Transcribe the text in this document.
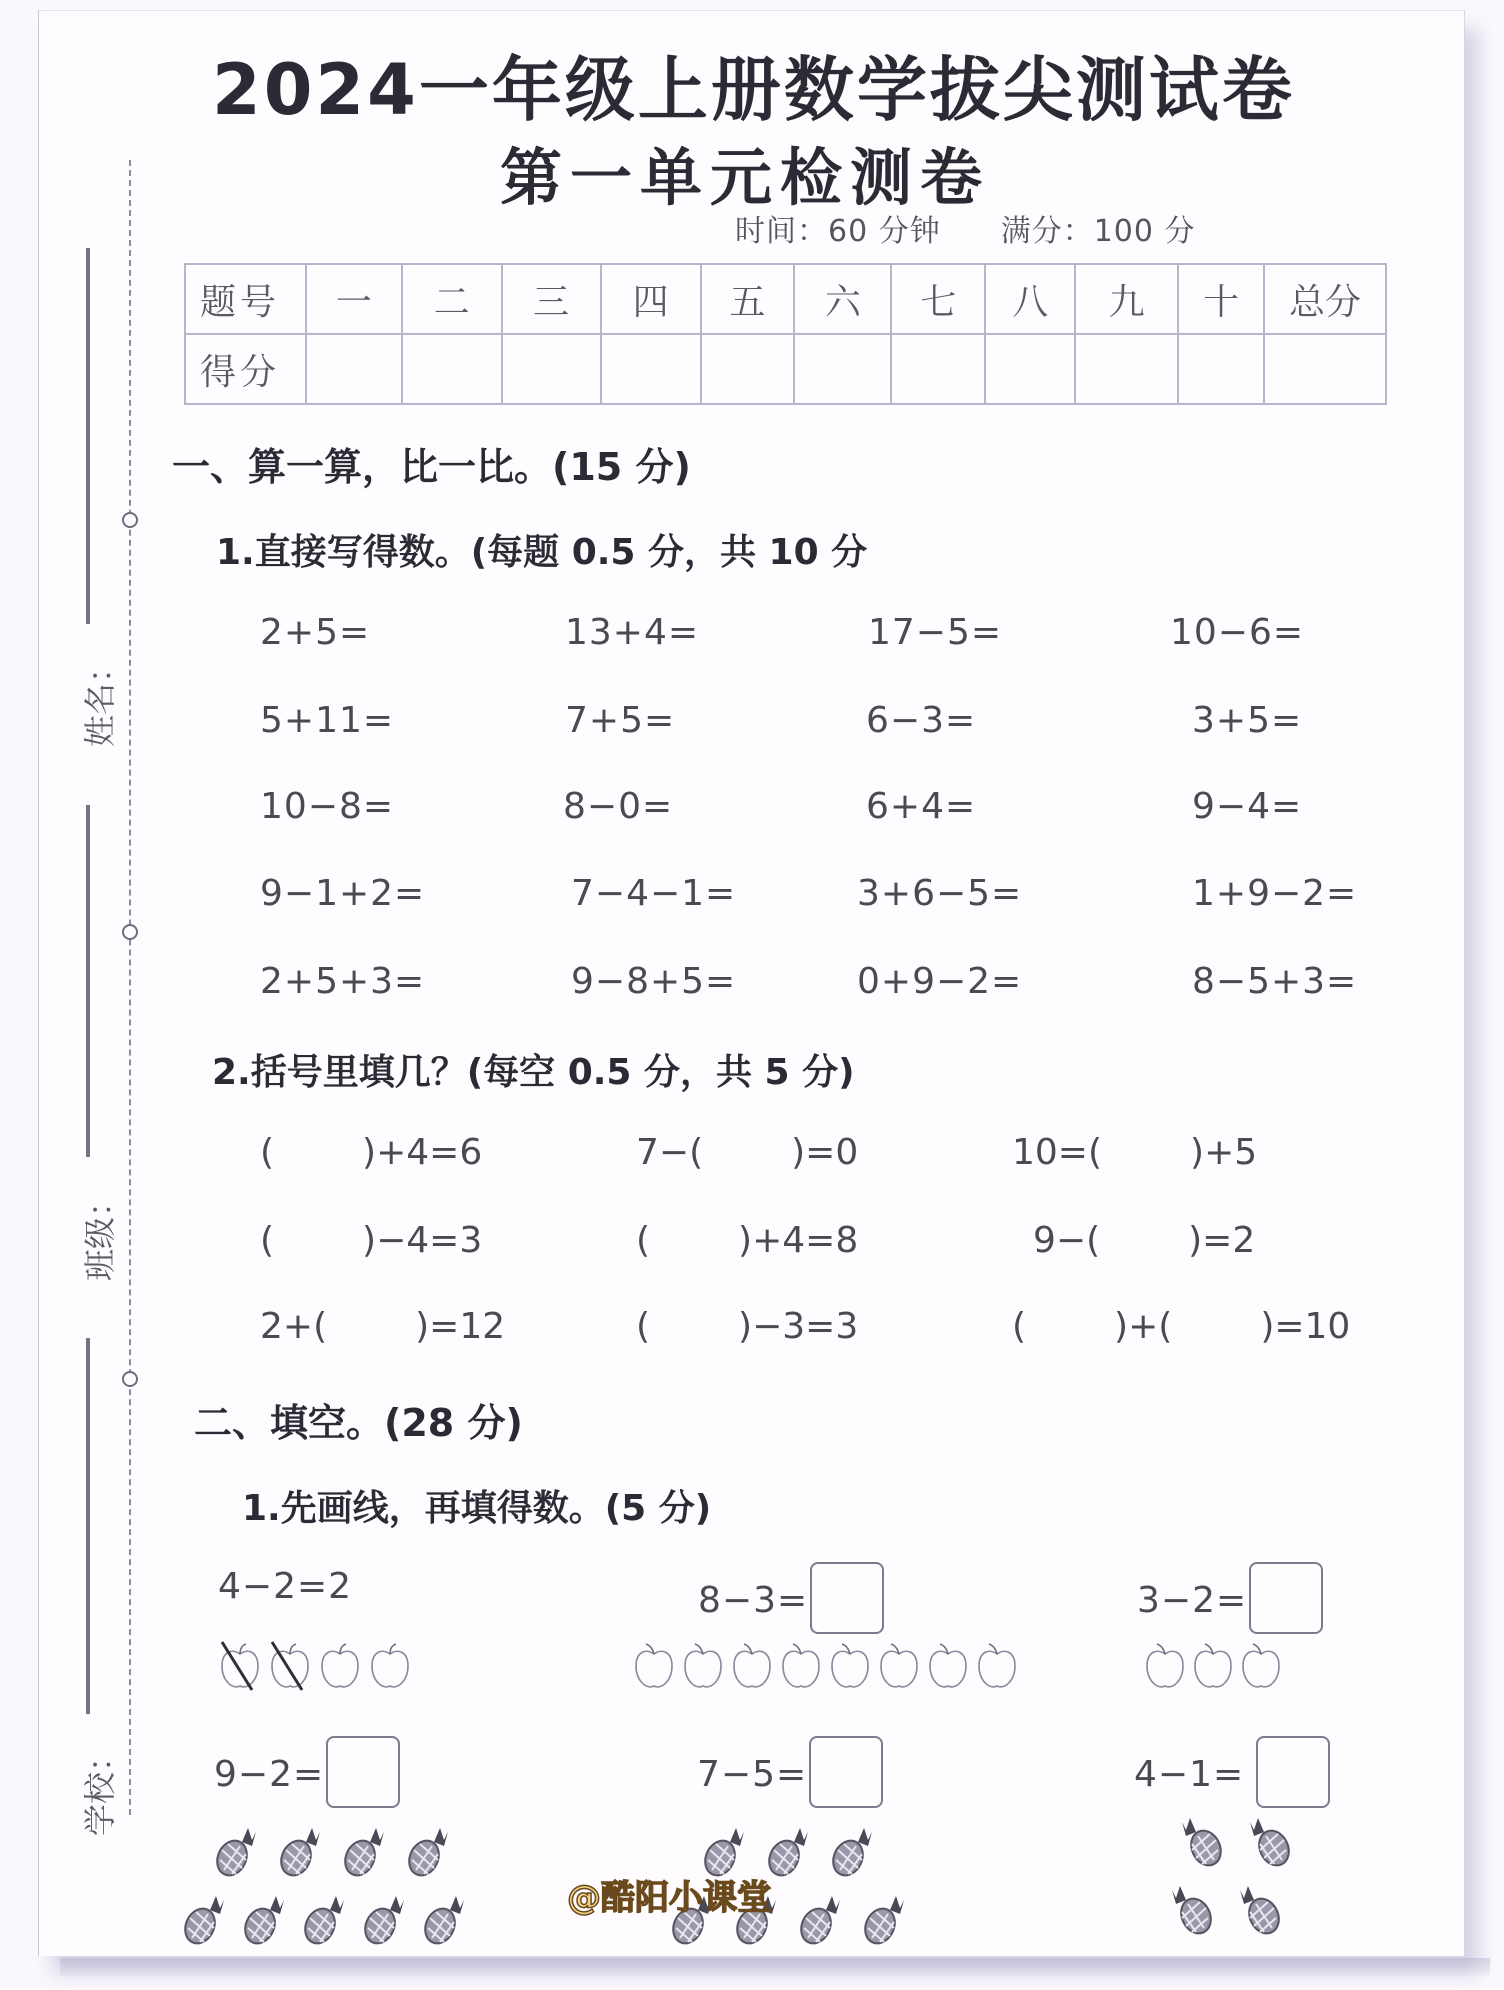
姓名：
班级：
学校：
2024一年级上册数学拔尖测试卷
第一单元检测卷
时间：60 分钟 满分：100 分
题号	一	二	三	四	五	六	七	八	九	十	总分
得分											
一、算一算，比一比。(15 分)
1.直接写得数。(每题 0.5 分，共 10 分
2+5=	13+4=	17−5=	10−6=
5+11=	7+5=	6−3=	3+5=
10−8=	8−0=	6+4=	9−4=
9−1+2=	7−4−1=	3+6−5=	1+9−2=
2+5+3=	9−8+5=	0+9−2=	8−5+3=
2.括号里填几？(每空 0.5 分，共 5 分)
( )+4=6	7−( )=0	10=( )+5
( )−4=3	( )+4=8	9−( )=2
2+( )=12	( )−3=3	( )+( )=10
二、填空。(28 分)
1.先画线，再填得数。(5 分)
4−2=2	8−3=	3−2=
9−2=	7−5=	4−1=
@酷阳小课堂
